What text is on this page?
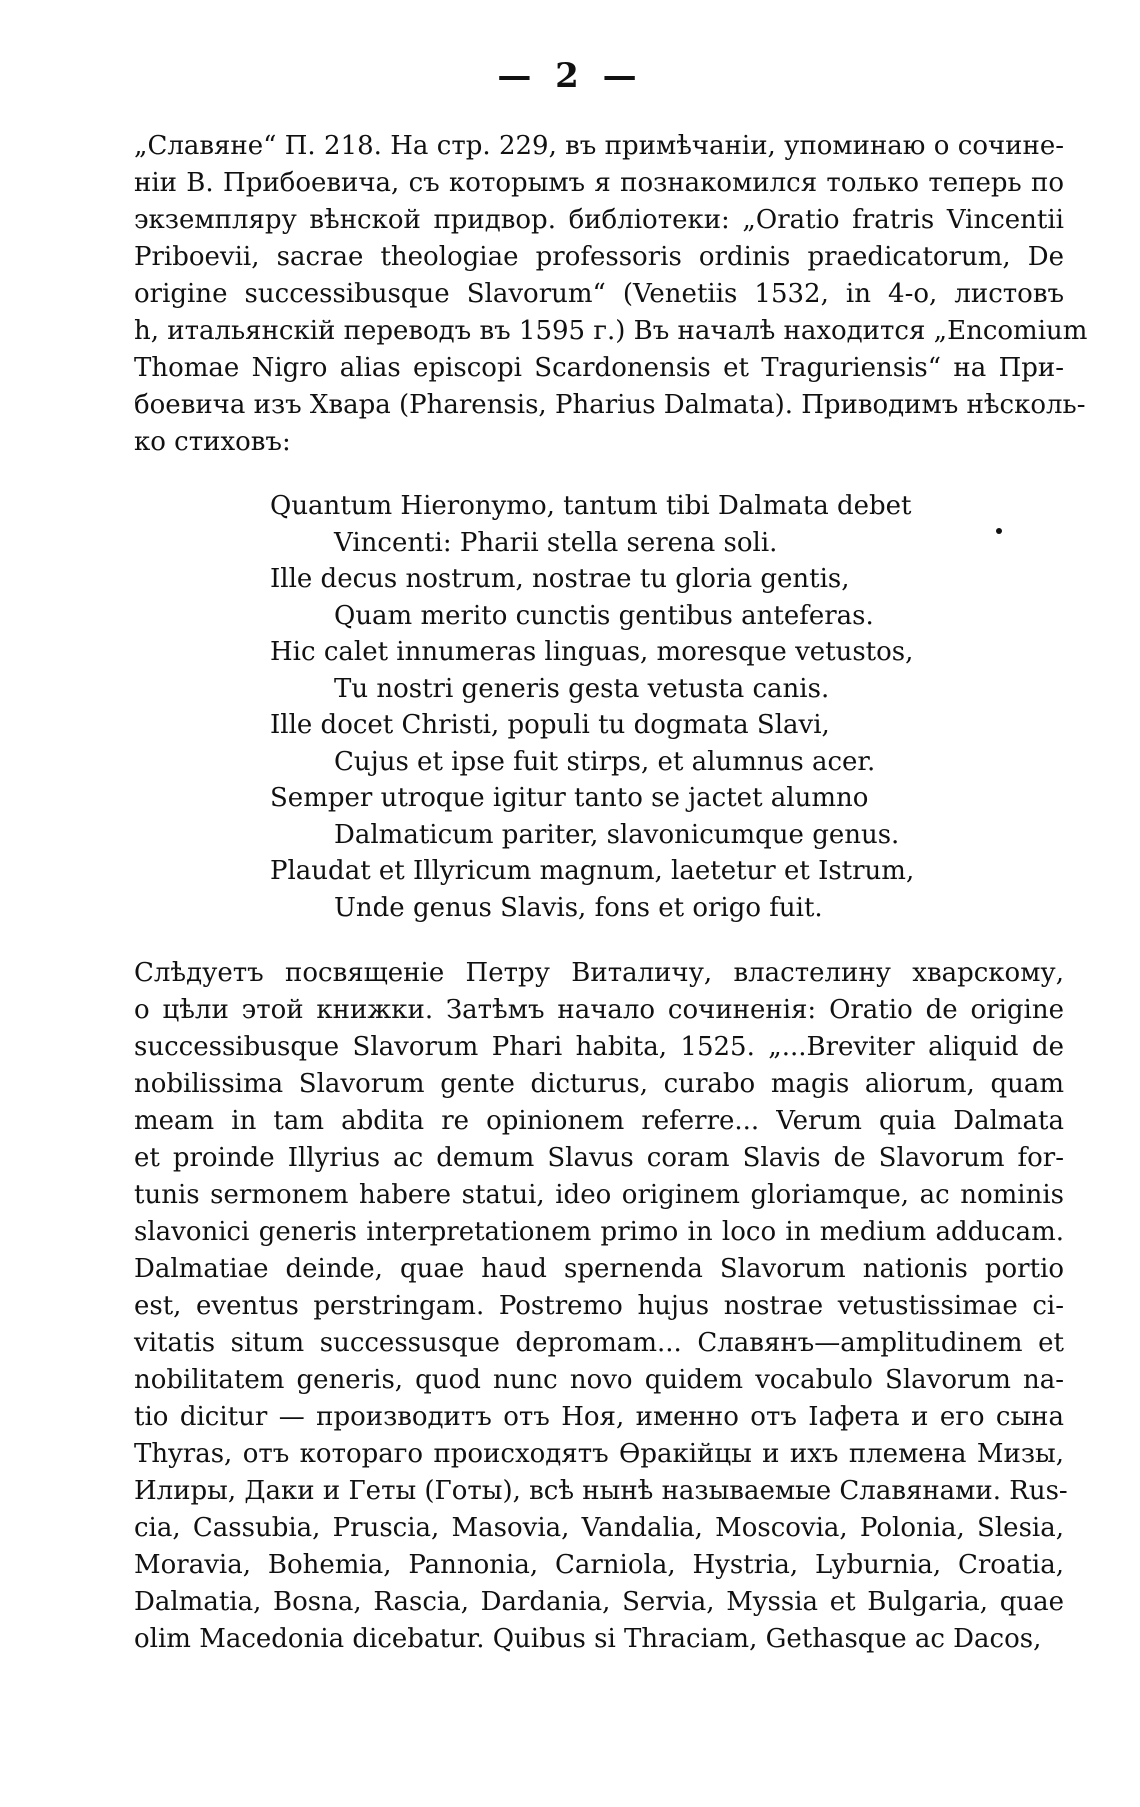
— 2 —
„Славяне“ П. 218. На стр. 229, въ примѣчаніи, упоминаю о сочине-
ніи В. Прибоевича, съ которымъ я познакомился только теперь по
экземпляру вѣнской придвор. библіотеки: „Oratio fratris Vincentii
Priboevii, sacrae theologiae professoris ordinis praedicatorum, De
origine successibusque Slavorum“ (Venetiis 1532, in 4-o, листовъ
h, итальянскій переводъ въ 1595 г.) Въ началѣ находится „Encomium
Thomae Nigro alias episcopi Scardonensis et Traguriensis“ на При-
боевича изъ Хвара (Pharensis, Pharius Dalmata). Приводимъ нѣсколь-
ко стиховъ:
Quantum Hieronymo, tantum tibi Dalmata debet
Vincenti: Pharii stella serena soli.
Ille decus nostrum, nostrae tu gloria gentis,
Quam merito cunctis gentibus anteferas.
Hic calet innumeras linguas, moresque vetustos,
Tu nostri generis gesta vetusta canis.
Ille docet Christi, populi tu dogmata Slavi,
Cujus et ipse fuit stirps, et alumnus acer.
Semper utroque igitur tanto se jactet alumno
Dalmaticum pariter, slavonicumque genus.
Plaudat et Illyricum magnum, laetetur et Istrum,
Unde genus Slavis, fons et origo fuit.
Слѣдуетъ посвященіе Петру Виталичу, властелину хварскому,
о цѣли этой книжки. Затѣмъ начало сочиненія: Oratio de origine
successibusque Slavorum Phari habita, 1525. „...Breviter aliquid de
nobilissima Slavorum gente dicturus, curabo magis aliorum, quam
meam in tam abdita re opinionem referre... Verum quia Dalmata
et proinde Illyrius ac demum Slavus coram Slavis de Slavorum for-
tunis sermonem habere statui, ideo originem gloriamque, ac nominis
slavonici generis interpretationem primo in loco in medium adducam.
Dalmatiae deinde, quae haud spernenda Slavorum nationis portio
est, eventus perstringam. Postremo hujus nostrae vetustissimae ci-
vitatis situm successusque depromam... Славянъ—amplitudinem et
nobilitatem generis, quod nunc novo quidem vocabulo Slavorum na-
tio dicitur — производитъ отъ Ноя, именно отъ Іафета и его сына
Thyras, отъ котораго происходятъ Ѳракійцы и ихъ племена Мизы,
Илиры, Даки и Геты (Готы), всѣ нынѣ называемые Славянами. Rus-
cia, Cassubia, Pruscia, Masovia, Vandalia, Moscovia, Polonia, Slesia,
Moravia, Bohemia, Pannonia, Carniola, Hystria, Lyburnia, Croatia,
Dalmatia, Bosna, Rascia, Dardania, Servia, Myssia et Bulgaria, quae
olim Macedonia dicebatur. Quibus si Thraciam, Gethasque ac Dacos,
